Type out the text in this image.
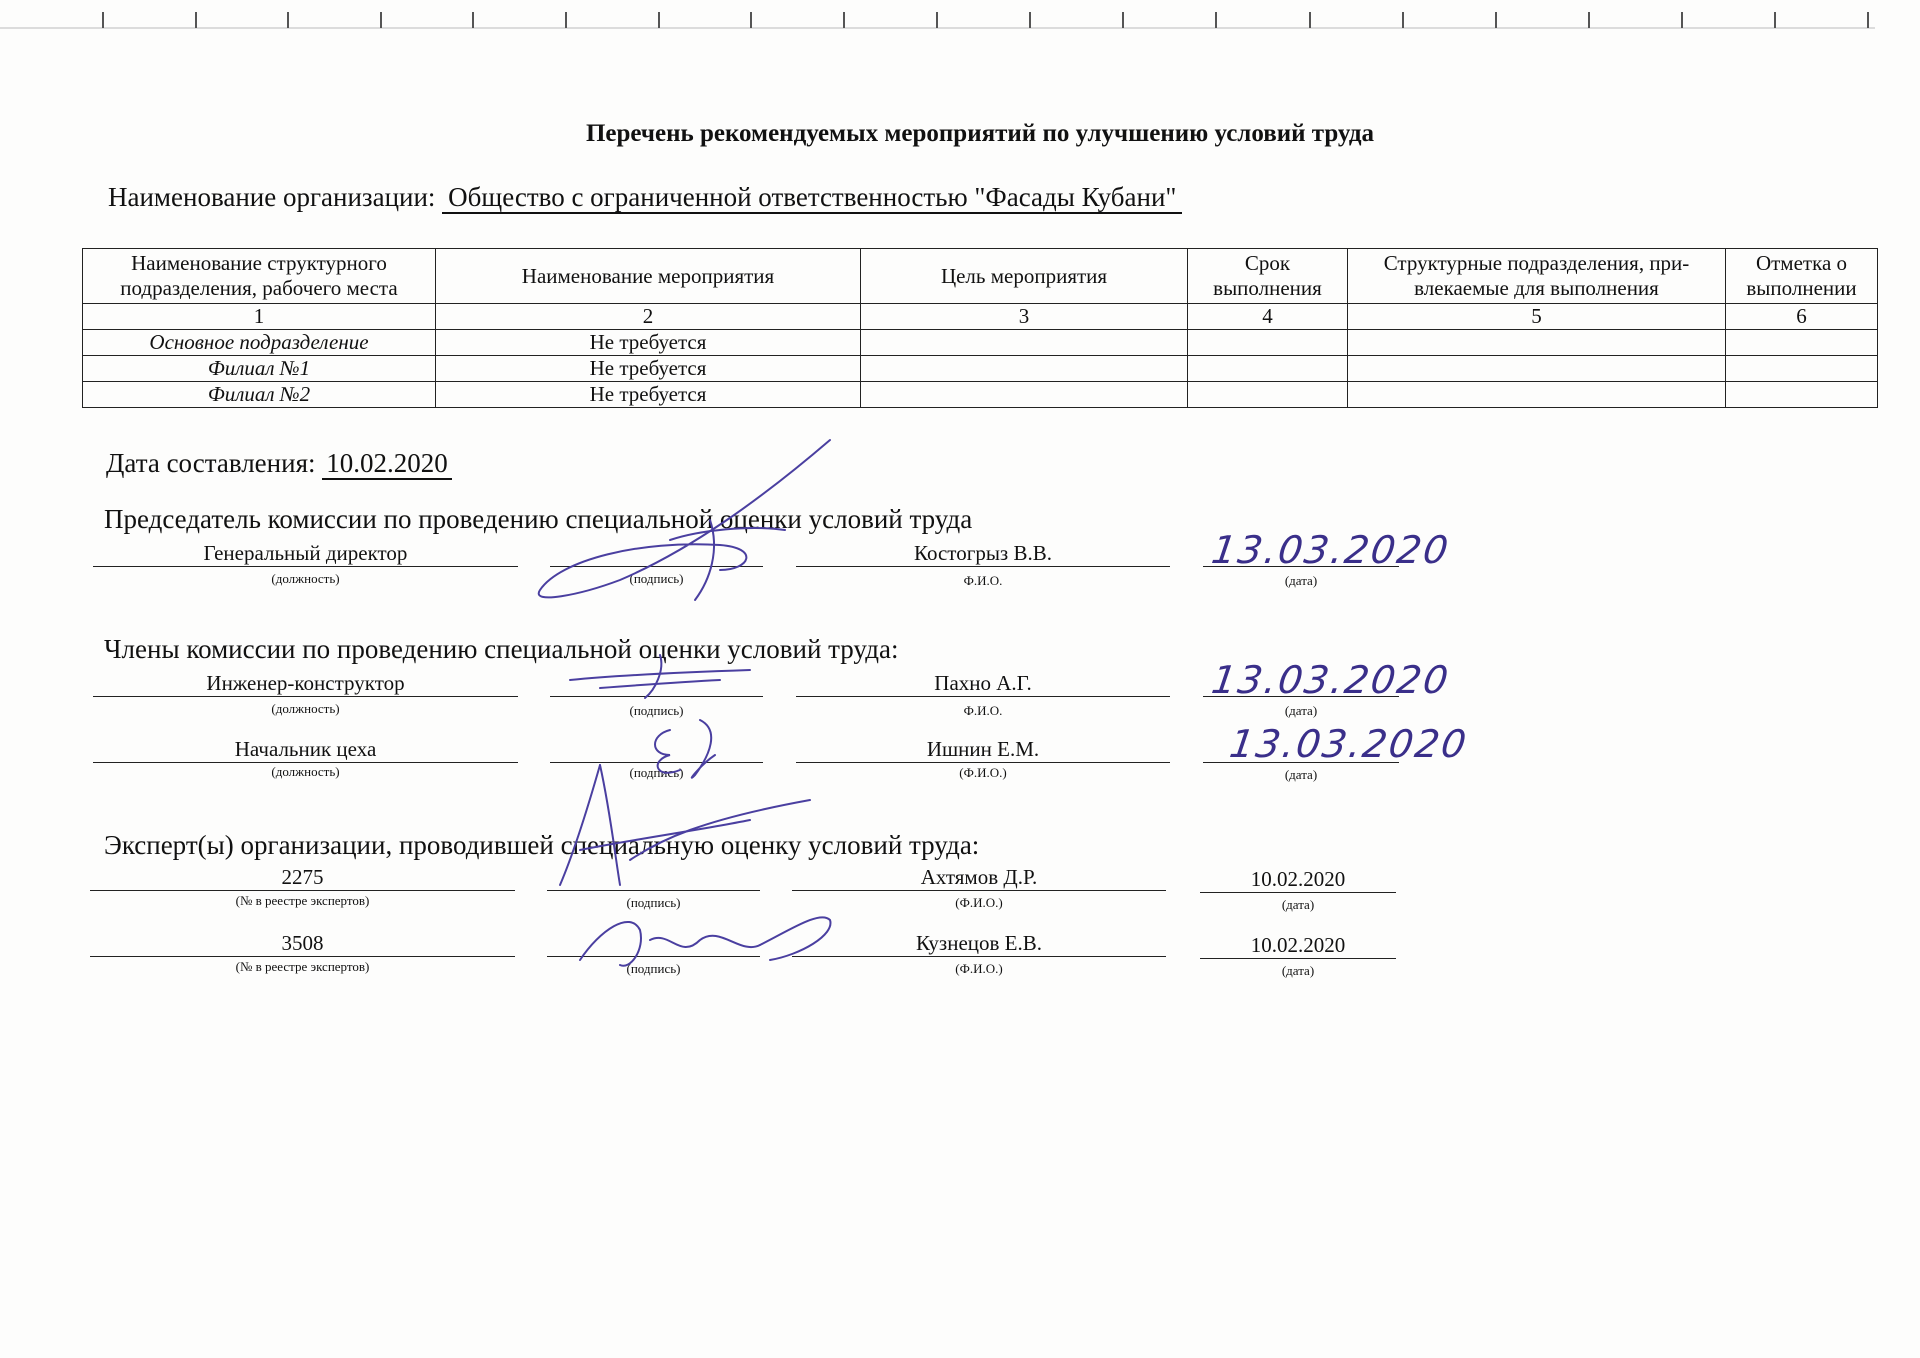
Перечень рекомендуемых мероприятий по улучшению условий труда
Наименование организации: Общество с ограниченной ответственностью "Фасады Кубани"
Наименование структурного подразделения, рабочего места	Наименование мероприятия	Цель мероприятия	Срок выполнения	Структурные подразделения, при-влекаемые для выполнения	Отметка о выполнении
1	2	3	4	5	6
Основное подразделение	Не требуется				
Филиал №1	Не требуется				
Филиал №2	Не требуется				
Дата составления: 10.02.2020
Председатель комиссии по проведению специальной оценки условий труда
Генеральный директор	Костогрыз В.В.	13.03.2020
(должность)	(подпись)	Ф.И.О.	(дата)
Члены комиссии по проведению специальной оценки условий труда:
Инженер-конструктор	Пахно А.Г.	13.03.2020
(должность)	(подпись)	Ф.И.О.	(дата)
Начальник цеха	Ишнин Е.М.	13.03.2020
(должность)	(подпись)	(Ф.И.О.)	(дата)
Эксперт(ы) организации, проводившей специальную оценку условий труда:
2275	Ахтямов Д.Р.	10.02.2020
(№ в реестре экспертов)	(подпись)	(Ф.И.О.)	(дата)
3508	Кузнецов Е.В.	10.02.2020
(№ в реестре экспертов)	(подпись)	(Ф.И.О.)	(дата)
